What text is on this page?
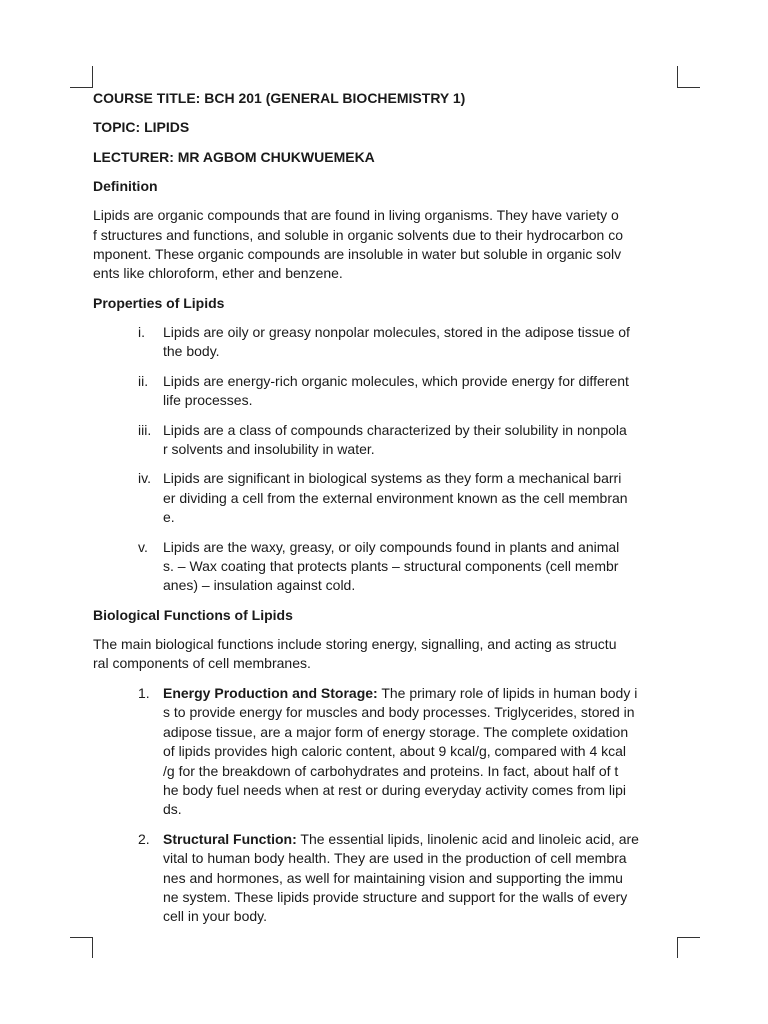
COURSE TITLE: BCH 201 (GENERAL BIOCHEMISTRY 1)
TOPIC: LIPIDS
LECTURER: MR AGBOM CHUKWUEMEKA
Definition
Lipids are organic compounds that are found in living organisms. They have variety o
f structures and functions, and soluble in organic solvents due to their hydrocarbon co
mponent. These organic compounds are insoluble in water but soluble in organic solv
ents like chloroform, ether and benzene.
Properties of Lipids
i. Lipids are oily or greasy nonpolar molecules, stored in the adipose tissue of
the body.
ii. Lipids are energy-rich organic molecules, which provide energy for different
life processes.
iii. Lipids are a class of compounds characterized by their solubility in nonpola
r solvents and insolubility in water.
iv. Lipids are significant in biological systems as they form a mechanical barri
er dividing a cell from the external environment known as the cell membran
e.
v. Lipids are the waxy, greasy, or oily compounds found in plants and animal
s. – Wax coating that protects plants – structural components (cell membr
anes) – insulation against cold.
Biological Functions of Lipids
The main biological functions include storing energy, signalling, and acting as structu
ral components of cell membranes.
1. Energy Production and Storage: The primary role of lipids in human body i
s to provide energy for muscles and body processes. Triglycerides, stored in
adipose tissue, are a major form of energy storage. The complete oxidation
of lipids provides high caloric content, about 9 kcal/g, compared with 4 kcal
/g for the breakdown of carbohydrates and proteins. In fact, about half of t
he body fuel needs when at rest or during everyday activity comes from lipi
ds.
2. Structural Function: The essential lipids, linolenic acid and linoleic acid, are
vital to human body health. They are used in the production of cell membra
nes and hormones, as well for maintaining vision and supporting the immu
ne system. These lipids provide structure and support for the walls of every
cell in your body.
